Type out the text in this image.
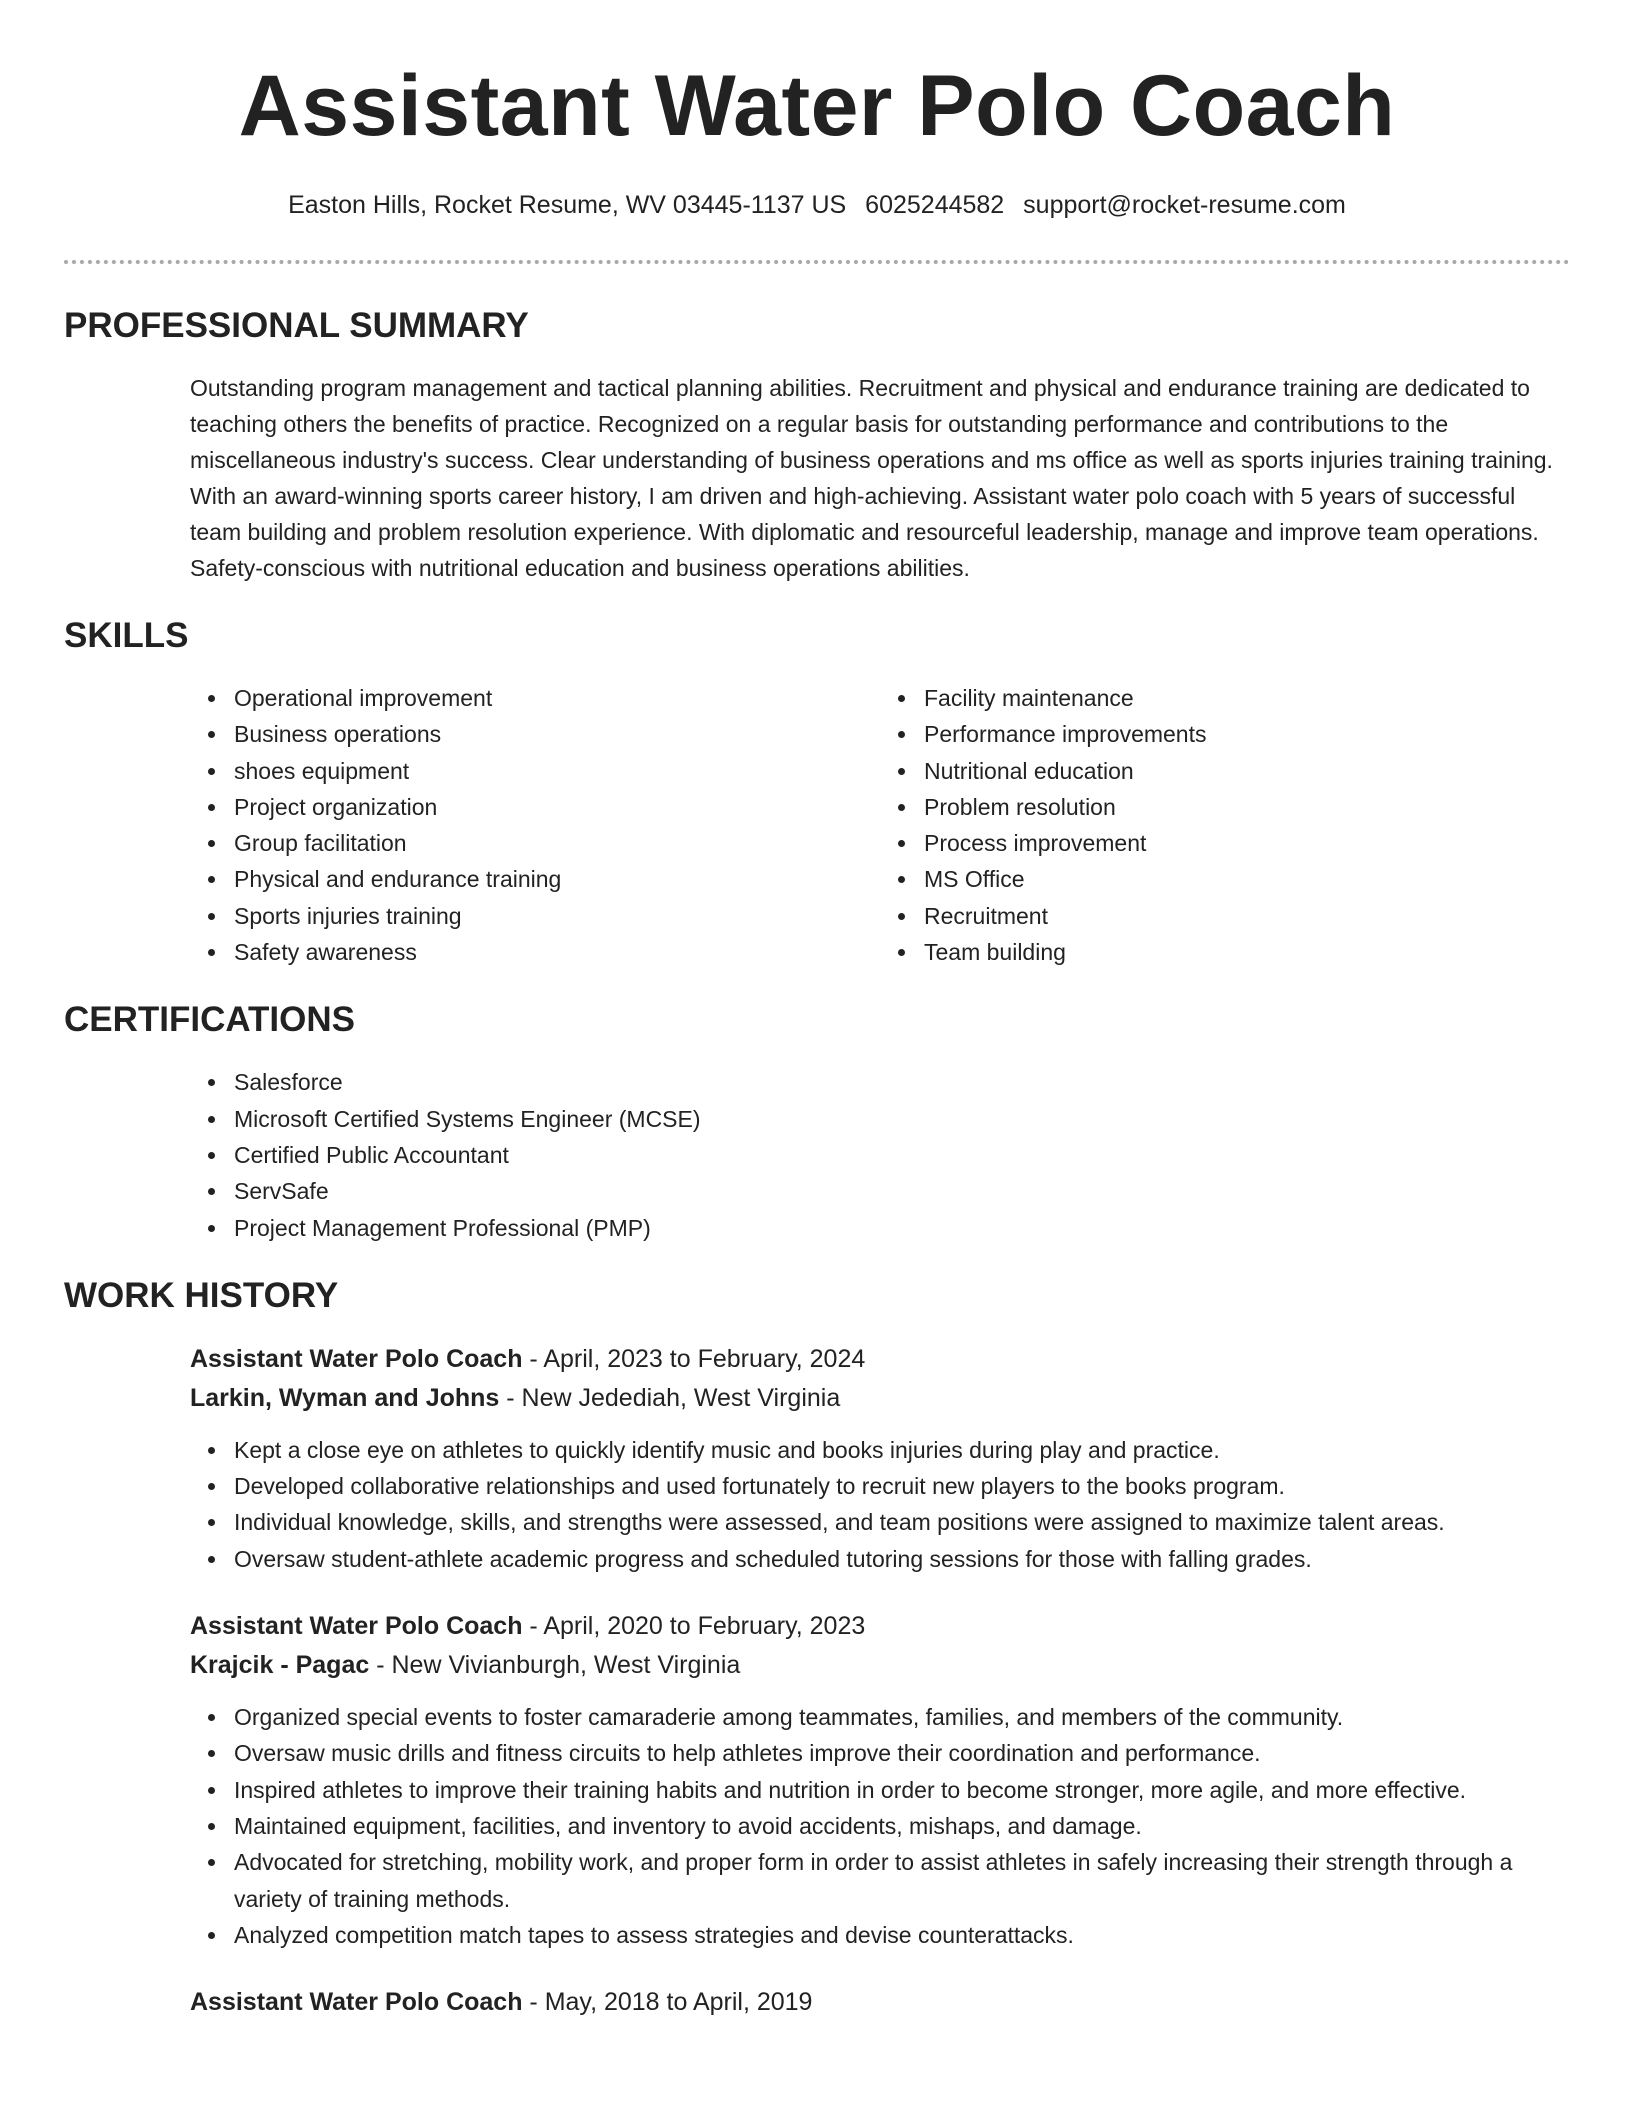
Assistant Water Polo Coach
Easton Hills, Rocket Resume, WV 03445-1137 US 6025244582 support@rocket-resume.com
PROFESSIONAL SUMMARY

Outstanding program management and tactical planning abilities. Recruitment and physical and endurance training are dedicated to teaching others the benefits of practice. Recognized on a regular basis for outstanding performance and contributions to the miscellaneous industry's success. Clear understanding of business operations and ms office as well as sports injuries training training. With an award-winning sports career history, I am driven and high-achieving. Assistant water polo coach with 5 years of successful team building and problem resolution experience. With diplomatic and resourceful leadership, manage and improve team operations. Safety-conscious with nutritional education and business operations abilities.

SKILLS
Operational improvement
Business operations
shoes equipment
Project organization
Group facilitation
Physical and endurance training
Sports injuries training
Safety awareness
Facility maintenance
Performance improvements
Nutritional education
Problem resolution
Process improvement
MS Office
Recruitment
Team building
CERTIFICATIONS
Salesforce
Microsoft Certified Systems Engineer (MCSE)
Certified Public Accountant
ServSafe
Project Management Professional (PMP)
WORK HISTORY
Assistant Water Polo Coach - April, 2023 to February, 2024
Larkin, Wyman and Johns - New Jedediah, West Virginia
Kept a close eye on athletes to quickly identify music and books injuries during play and practice.
Developed collaborative relationships and used fortunately to recruit new players to the books program.
Individual knowledge, skills, and strengths were assessed, and team positions were assigned to maximize talent areas.
Oversaw student-athlete academic progress and scheduled tutoring sessions for those with falling grades.
Assistant Water Polo Coach - April, 2020 to February, 2023
Krajcik - Pagac - New Vivianburgh, West Virginia
Organized special events to foster camaraderie among teammates, families, and members of the community.
Oversaw music drills and fitness circuits to help athletes improve their coordination and performance.
Inspired athletes to improve their training habits and nutrition in order to become stronger, more agile, and more effective.
Maintained equipment, facilities, and inventory to avoid accidents, mishaps, and damage.
Advocated for stretching, mobility work, and proper form in order to assist athletes in safely increasing their strength through a variety of training methods.
Analyzed competition match tapes to assess strategies and devise counterattacks.
Assistant Water Polo Coach - May, 2018 to April, 2019
